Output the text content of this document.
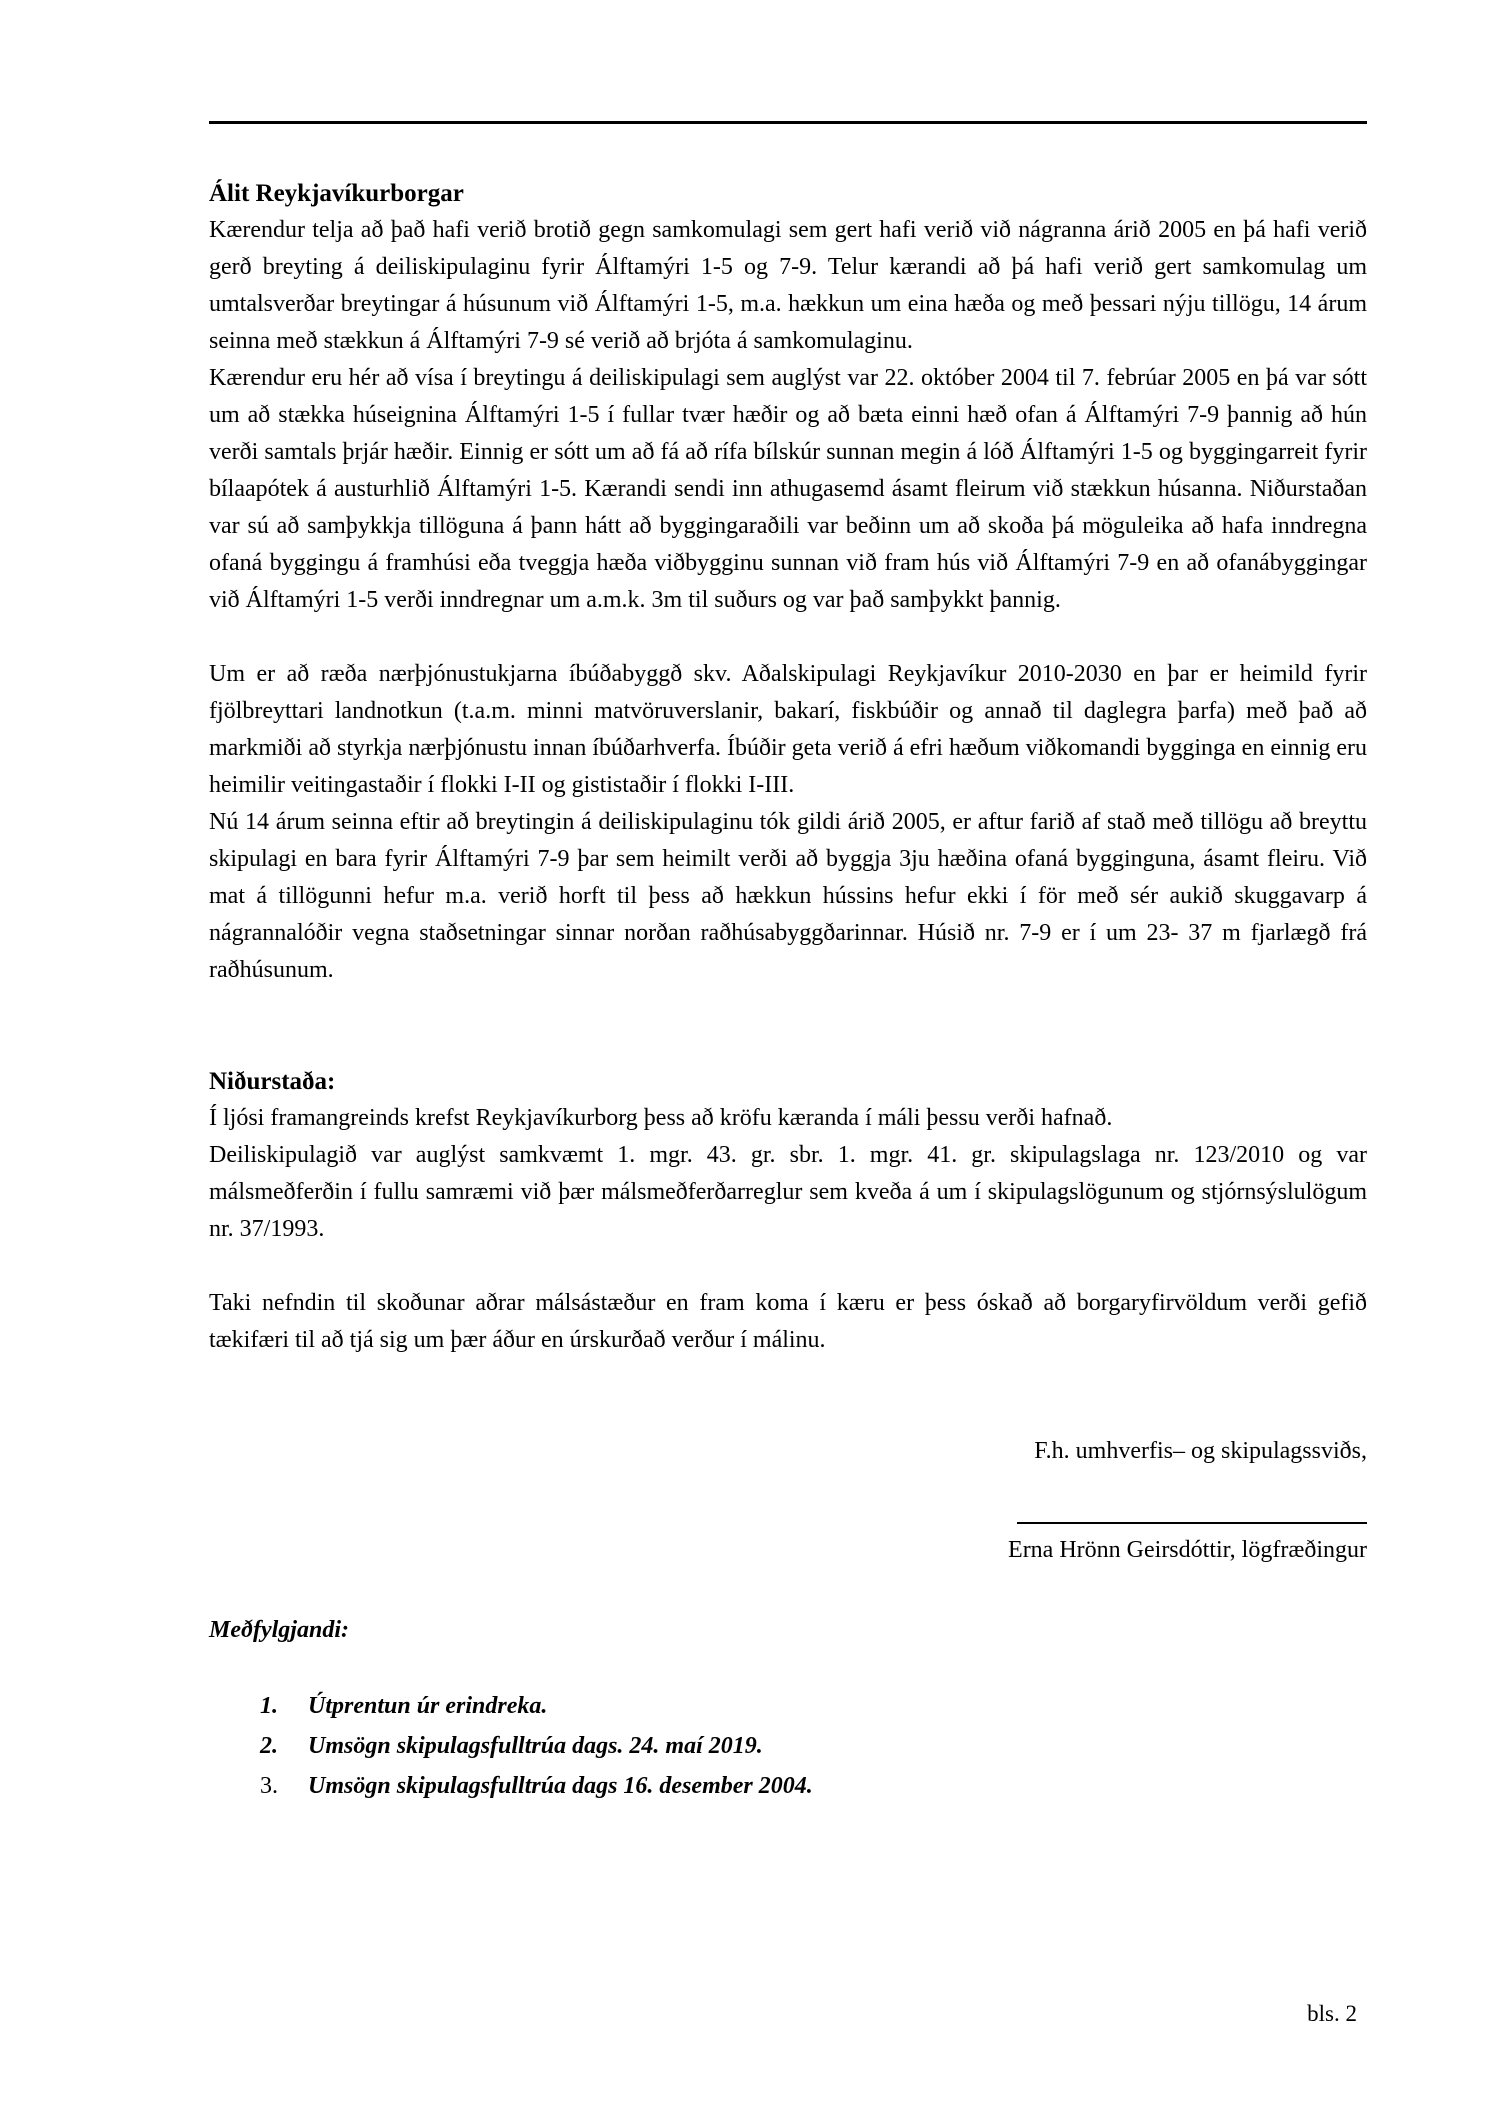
Álit Reykjavíkurborgar

Kærendur telja að það hafi verið brotið gegn samkomulagi sem gert hafi verið við nágranna árið 2005 en þá hafi verið gerð breyting á deiliskipulaginu fyrir Álftamýri 1-5 og 7-9. Telur kærandi að þá hafi verið gert samkomulag um umtalsverðar breytingar á húsunum við Álftamýri 1-5, m.a. hækkun um eina hæða og með þessari nýju tillögu, 14 árum seinna með stækkun á Álftamýri 7-9 sé verið að brjóta á samkomulaginu.

Kærendur eru hér að vísa í breytingu á deiliskipulagi sem auglýst var 22. október 2004 til 7. febrúar 2005 en þá var sótt um að stækka húseignina Álftamýri 1-5 í fullar tvær hæðir og að bæta einni hæð ofan á Álftamýri 7-9 þannig að hún verði samtals þrjár hæðir. Einnig er sótt um að fá að rífa bílskúr sunnan megin á lóð Álftamýri 1-5 og byggingarreit fyrir bílaapótek á austurhlið Álftamýri 1-5. Kærandi sendi inn athugasemd ásamt fleirum við stækkun húsanna. Niðurstaðan var sú að samþykkja tillöguna á þann hátt að byggingaraðili var beðinn um að skoða þá möguleika að hafa inndregna ofaná byggingu á framhúsi eða tveggja hæða viðbygginu sunnan við fram hús við Álftamýri 7-9 en að ofanábyggingar við Álftamýri 1-5 verði inndregnar um a.m.k. 3m til suðurs og var það samþykkt þannig.

Um er að ræða nærþjónustukjarna íbúðabyggð skv. Aðalskipulagi Reykjavíkur 2010-2030 en þar er heimild fyrir fjölbreyttari landnotkun (t.a.m. minni matvöruverslanir, bakarí, fiskbúðir og annað til daglegra þarfa) með það að markmiði að styrkja nærþjónustu innan íbúðarhverfa. Íbúðir geta verið á efri hæðum viðkomandi bygginga en einnig eru heimilir veitingastaðir í flokki I-II og gististaðir í flokki I-III.

Nú 14 árum seinna eftir að breytingin á deiliskipulaginu tók gildi árið 2005, er aftur farið af stað með tillögu að breyttu skipulagi en bara fyrir Álftamýri 7-9 þar sem heimilt verði að byggja 3ju hæðina ofaná bygginguna, ásamt fleiru. Við mat á tillögunni hefur m.a. verið horft til þess að hækkun hússins hefur ekki í för með sér aukið skuggavarp á nágrannalóðir vegna staðsetningar sinnar norðan raðhúsabyggðarinnar. Húsið nr. 7-9 er í um 23- 37 m fjarlægð frá raðhúsunum.

Niðurstaða:

Í ljósi framangreinds krefst Reykjavíkurborg þess að kröfu kæranda í máli þessu verði hafnað.

Deiliskipulagið var auglýst samkvæmt 1. mgr. 43. gr. sbr. 1. mgr. 41. gr. skipulagslaga nr. 123/2010 og var málsmeðferðin í fullu samræmi við þær málsmeðferðarreglur sem kveða á um í skipulagslögunum og stjórnsýslulögum nr. 37/1993.

Taki nefndin til skoðunar aðrar málsástæður en fram koma í kæru er þess óskað að borgaryfirvöldum verði gefið tækifæri til að tjá sig um þær áður en úrskurðað verður í málinu.

F.h. umhverfis– og skipulagssviðs,

Erna Hrönn Geirsdóttir, lögfræðingur

Meðfylgjandi:

1.	Útprentun úr erindreka.
2.	Umsögn skipulagsfulltrúa dags. 24. maí 2019.
3.	Umsögn skipulagsfulltrúa dags 16. desember 2004.
bls. 2
